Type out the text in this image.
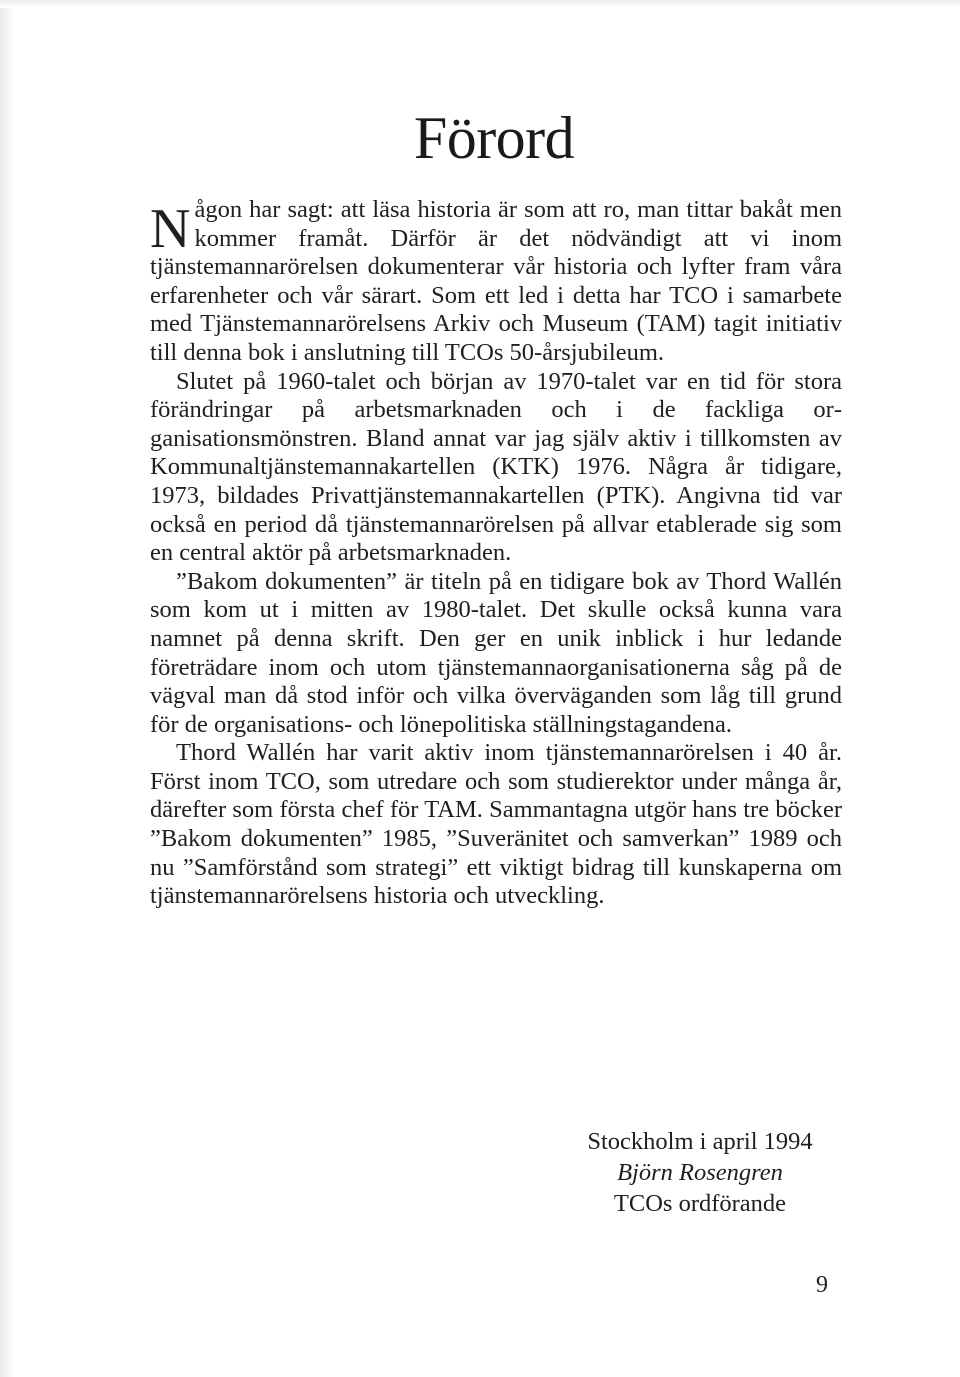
Förord

Någon har sagt: att läsa historia är som att ro, man tittar bakåt men kommer framåt. Därför är det nödvändigt att vi inom tjänstemannarörelsen dokumenterar vår historia och lyfter fram våra erfarenheter och vår särart. Som ett led i detta har TCO i samarbete med Tjänstemannarörelsens Arkiv och Museum (TAM) tagit initiativ till denna bok i anslutning till TCOs 50-årsjubileum.

Slutet på 1960-talet och början av 1970-talet var en tid för stora förändringar på arbetsmarknaden och i de fackliga organisationsmönstren. Bland annat var jag själv aktiv i tillkomsten av Kommunaltjänstemannakartellen (KTK) 1976. Några år tidigare, 1973, bildades Privattjänstemannakartellen (PTK). Angivna tid var också en period då tjänstemannarörelsen på allvar etablerade sig som en central aktör på arbetsmarknaden.

”Bakom dokumenten” är titeln på en tidigare bok av Thord Wallén som kom ut i mitten av 1980-talet. Det skulle också kunna vara namnet på denna skrift. Den ger en unik inblick i hur ledande företrädare inom och utom tjänstemannaorganisationerna såg på de vägval man då stod inför och vilka överväganden som låg till grund för de organisations- och lönepolitiska ställningstagandena.

Thord Wallén har varit aktiv inom tjänstemannarörelsen i 40 år. Först inom TCO, som utredare och som studierektor under många år, därefter som första chef för TAM. Sammantagna utgör hans tre böcker ”Bakom dokumenten” 1985, ”Suveränitet och samverkan” 1989 och nu ”Samförstånd som strategi” ett viktigt bidrag till kunskaperna om tjänstemannarörelsens historia och utveckling.

Stockholm i april 1994
Björn Rosengren
TCOs ordförande
9
